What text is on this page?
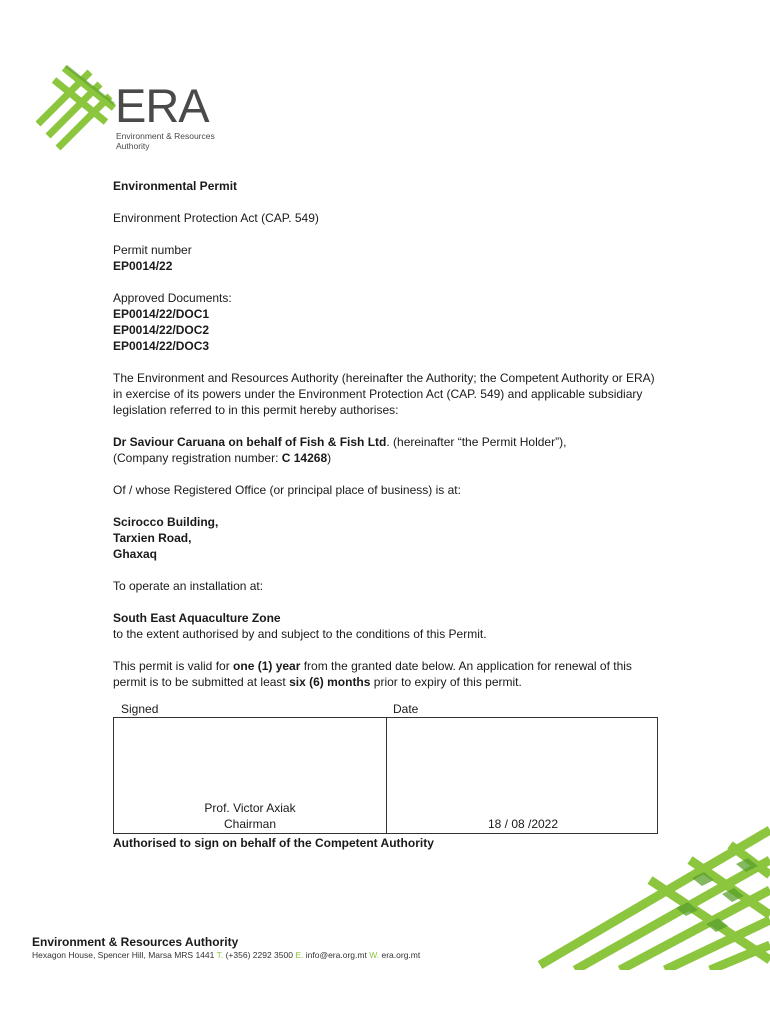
ERA
Environment & Resources
Authority

Environmental Permit

Environment Protection Act (CAP. 549)

Permit number

EP0014/22

Approved Documents:

EP0014/22/DOC1

EP0014/22/DOC2

EP0014/22/DOC3

The Environment and Resources Authority (hereinafter the Authority; the Competent Authority or ERA) in exercise of its powers under the Environment Protection Act (CAP. 549) and applicable subsidiary legislation referred to in this permit hereby authorises:

Dr Saviour Caruana on behalf of Fish & Fish Ltd. (hereinafter “the Permit Holder”),

(Company registration number: C 14268)

Of / whose Registered Office (or principal place of business) is at:

Scirocco Building,

Tarxien Road,

Ghaxaq

To operate an installation at:

South East Aquaculture Zone

to the extent authorised by and subject to the conditions of this Permit.

This permit is valid for one (1) year from the granted date below. An application for renewal of this permit is to be submitted at least six (6) months prior to expiry of this permit.

Signed	Date
Prof. Victor Axiak
Chairman	18 / 08 /2022
Authorised to sign on behalf of the Competent Authority
Environment & Resources Authority
Hexagon House, Spencer Hill, Marsa MRS 1441 T. (+356) 2292 3500 E. info@era.org.mt W. era.org.mt
